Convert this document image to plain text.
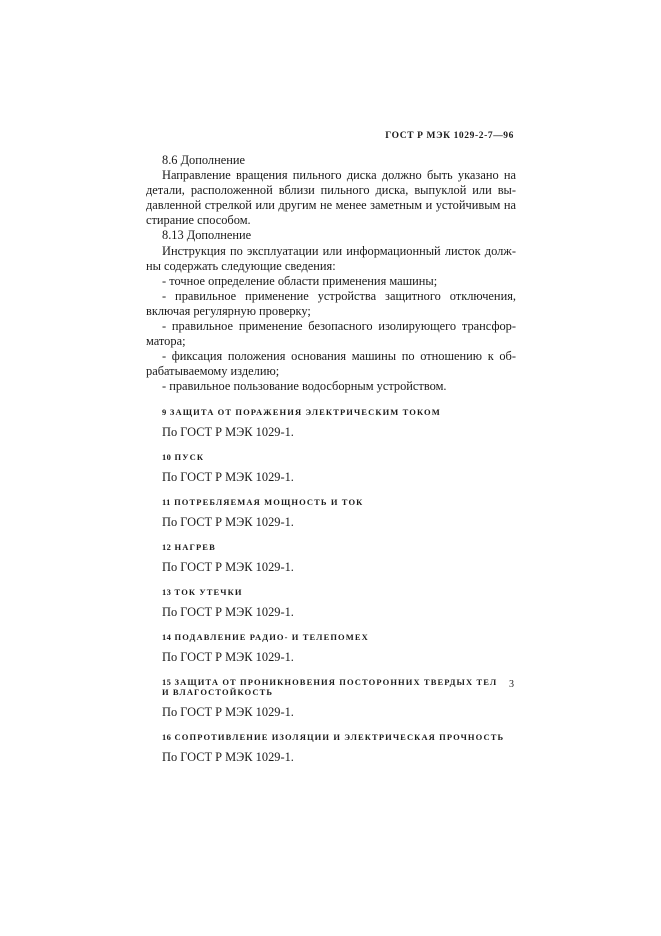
ГОСТ Р МЭК 1029-2-7—96

8.6 Дополнение

Направление вращения пильного диска должно быть указано на детали, расположенной вблизи пильного диска, выпуклой или вы-давленной стрелкой или другим не менее заметным и устойчивым на стирание способом.

8.13 Дополнение

Инструкция по эксплуатации или информационный листок долж-ны содержать следующие сведения:

- точное определение области применения машины;

- правильное применение устройства защитного отключения, включая регулярную проверку;

- правильное применение безопасного изолирующего трансфор-матора;

- фиксация положения основания машины по отношению к об-рабатываемому изделию;

- правильное пользование водосборным устройством.

9 ЗАЩИТА ОТ ПОРАЖЕНИЯ ЭЛЕКТРИЧЕСКИМ ТОКОМ
По ГОСТ Р МЭК 1029-1.
10 ПУСК
По ГОСТ Р МЭК 1029-1.
11 ПОТРЕБЛЯЕМАЯ МОЩНОСТЬ И ТОК
По ГОСТ Р МЭК 1029-1.
12 НАГРЕВ
По ГОСТ Р МЭК 1029-1.
13 ТОК УТЕЧКИ
По ГОСТ Р МЭК 1029-1.
14 ПОДАВЛЕНИЕ РАДИО- И ТЕЛЕПОМЕХ
По ГОСТ Р МЭК 1029-1.
15 ЗАЩИТА ОТ ПРОНИКНОВЕНИЯ ПОСТОРОННИХ ТВЕРДЫХ ТЕЛ
И ВЛАГОСТОЙКОСТЬ
По ГОСТ Р МЭК 1029-1.
16 СОПРОТИВЛЕНИЕ ИЗОЛЯЦИИ И ЭЛЕКТРИЧЕСКАЯ ПРОЧНОСТЬ
По ГОСТ Р МЭК 1029-1.
3
